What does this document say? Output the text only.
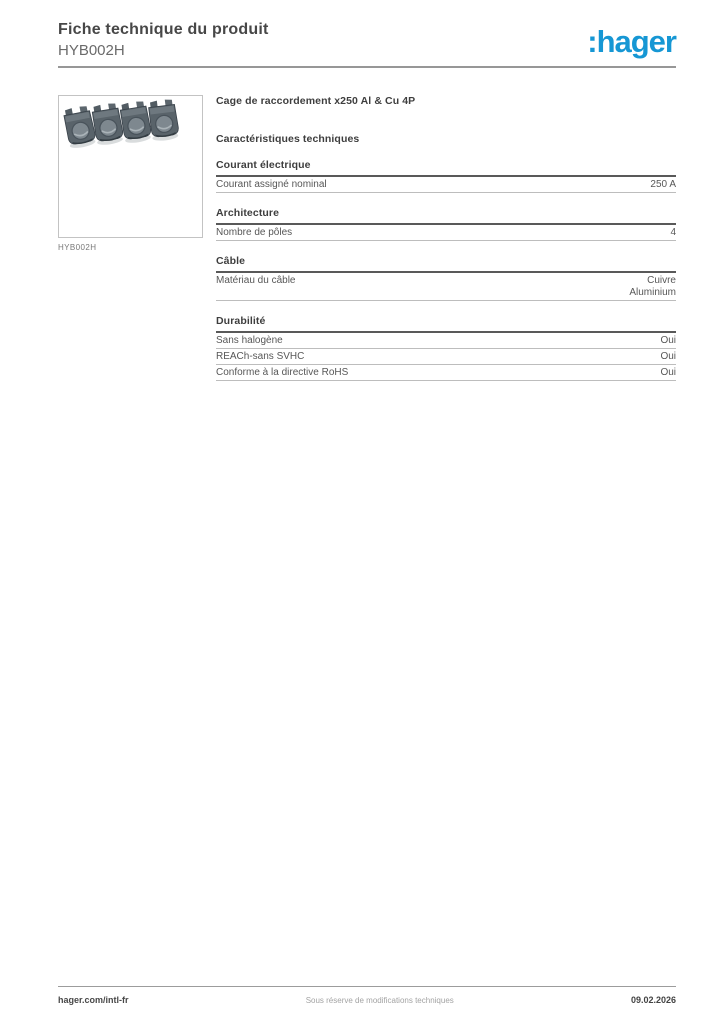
Fiche technique du produit
HYB002H	:hager
HYB002H
Cage de raccordement x250 Al & Cu 4P
Caractéristiques techniques
Courant électrique
Courant assigné nominal	250 A
Architecture
Nombre de pôles	4
Câble
Matériau du câble	Cuivre
Aluminium
Durabilité
Sans halogène	Oui
REACh-sans SVHC	Oui
Conforme à la directive RoHS	Oui
hager.com/intl-fr	Sous réserve de modifications techniques	09.02.2026
